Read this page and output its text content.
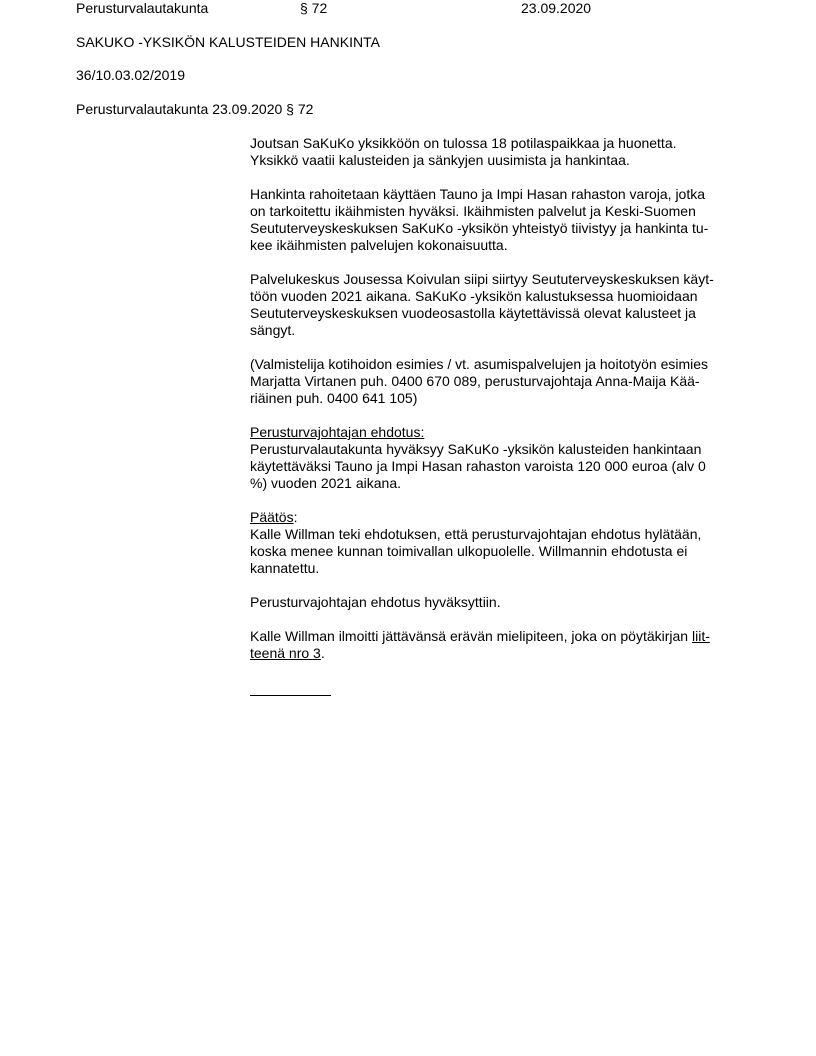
Perusturvalautakunta	§ 72	23.09.2020
SAKUKO -YKSIKÖN KALUSTEIDEN HANKINTA
36/10.03.02/2019
Perusturvalautakunta 23.09.2020 § 72

Joutsan SaKuKo yksikköön on tulossa 18 potilaspaikkaa ja huonetta.
Yksikkö vaatii kalusteiden ja sänkyjen uusimista ja hankintaa.

Hankinta rahoitetaan käyttäen Tauno ja Impi Hasan rahaston varoja, jotka
on tarkoitettu ikäihmisten hyväksi. Ikäihmisten palvelut ja Keski-Suomen
Seututerveyskeskuksen SaKuKo -yksikön yhteistyö tiivistyy ja hankinta tu-
kee ikäihmisten palvelujen kokonaisuutta.

Palvelukeskus Jousessa Koivulan siipi siirtyy Seututerveyskeskuksen käyt-
töön vuoden 2021 aikana. SaKuKo -yksikön kalustuksessa huomioidaan
Seututerveyskeskuksen vuodeosastolla käytettävissä olevat kalusteet ja
sängyt.

(Valmistelija kotihoidon esimies / vt. asumispalvelujen ja hoitotyön esimies
Marjatta Virtanen puh. 0400 670 089, perusturvajohtaja Anna-Maija Kää-
riäinen puh. 0400 641 105)

Perusturvajohtajan ehdotus:
Perusturvalautakunta hyväksyy SaKuKo -yksikön kalusteiden hankintaan
käytettäväksi Tauno ja Impi Hasan rahaston varoista 120 000 euroa (alv 0
%) vuoden 2021 aikana.

Päätös:
Kalle Willman teki ehdotuksen, että perusturvajohtajan ehdotus hylätään,
koska menee kunnan toimivallan ulkopuolelle. Willmannin ehdotusta ei
kannatettu.

Perusturvajohtajan ehdotus hyväksyttiin.

Kalle Willman ilmoitti jättävänsä erävän mielipiteen, joka on pöytäkirjan liit-
teenä nro 3.
